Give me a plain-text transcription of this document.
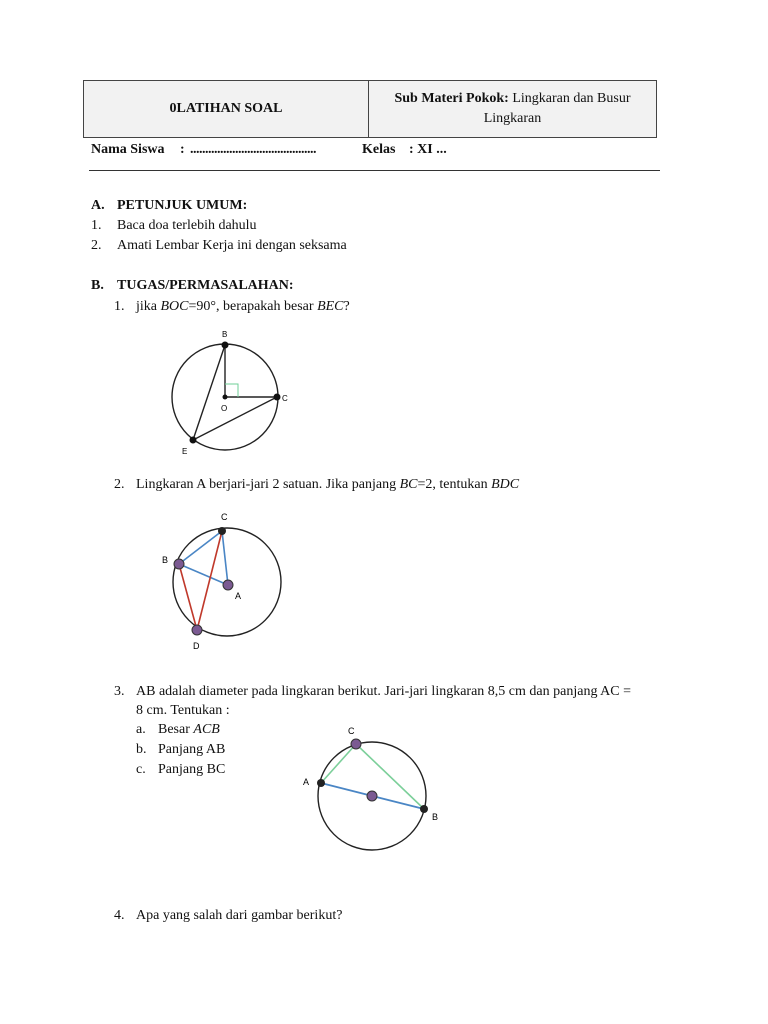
0LATIHAN SOAL
Sub Materi Pokok: Lingkaran dan Busur
Lingkaran
Nama Siswa : ..........................................	Kelas : XI ...
A. PETUNJUK UMUM:
1. Baca doa terlebih dahulu
2. Amati Lembar Kerja ini dengan seksama
B. TUGAS/PERMASALAHAN:
1. jika BOC=90°, berapakah besar BEC?
B
O
C
E
2. Lingkaran A berjari-jari 2 satuan. Jika panjang BC=2, tentukan BDC
C
B
A
D
3. AB adalah diameter pada lingkaran berikut. Jari-jari lingkaran 8,5 cm dan panjang AC =
8 cm. Tentukan :
a. Besar ACB
b. Panjang AB
c. Panjang BC
C
A
B
4. Apa yang salah dari gambar berikut?
